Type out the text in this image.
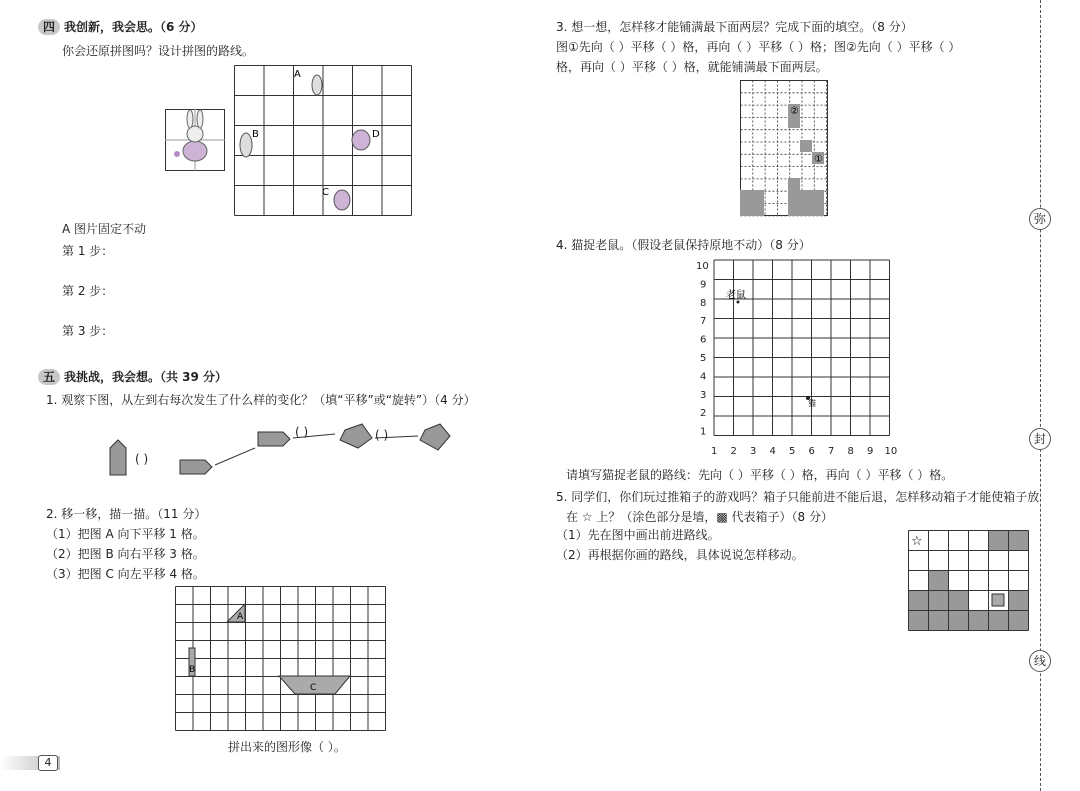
四 我创新，我会思。（6 分）
你会还原拼图吗？设计拼图的路线。
A
B	D
C
A 图片固定不动
第 1 步：
第 2 步：
第 3 步：
五 我挑战，我会想。（共 39 分）
1. 观察下图，从左到右每次发生了什么样的变化？（填“平移”或“旋转”）（4 分）
( )
( )	( )
2. 移一移，描一描。（11 分）
（1）把图 A 向下平移 1 格。
（2）把图 B 向右平移 3 格。
（3）把图 C 向左平移 4 格。
A
B
C
拼出来的图形像（ ）。
4
3. 想一想，怎样移才能铺满最下面两层？完成下面的填空。（8 分）
图①先向（ ）平移（ ）格，再向（ ）平移（ ）格；图②先向（ ）平移（ ）
格，再向（ ）平移（ ）格，就能铺满最下面两层。
②
①
4. 猫捉老鼠。（假设老鼠保持原地不动）（8 分）
10
9
8
7
6
5
4
3
2
1
1 2 3 4 5 6 7 8 9 10
老鼠
猫
请填写猫捉老鼠的路线：先向（ ）平移（ ）格，再向（ ）平移（ ）格。
5. 同学们，你们玩过推箱子的游戏吗？箱子只能前进不能后退，怎样移动箱子才能使箱子放
在 ☆ 上？（涂色部分是墙，▩ 代表箱子）（8 分）
（1）先在图中画出前进路线。
（2）再根据你画的路线，具体说说怎样移动。
☆
弥
封
线
